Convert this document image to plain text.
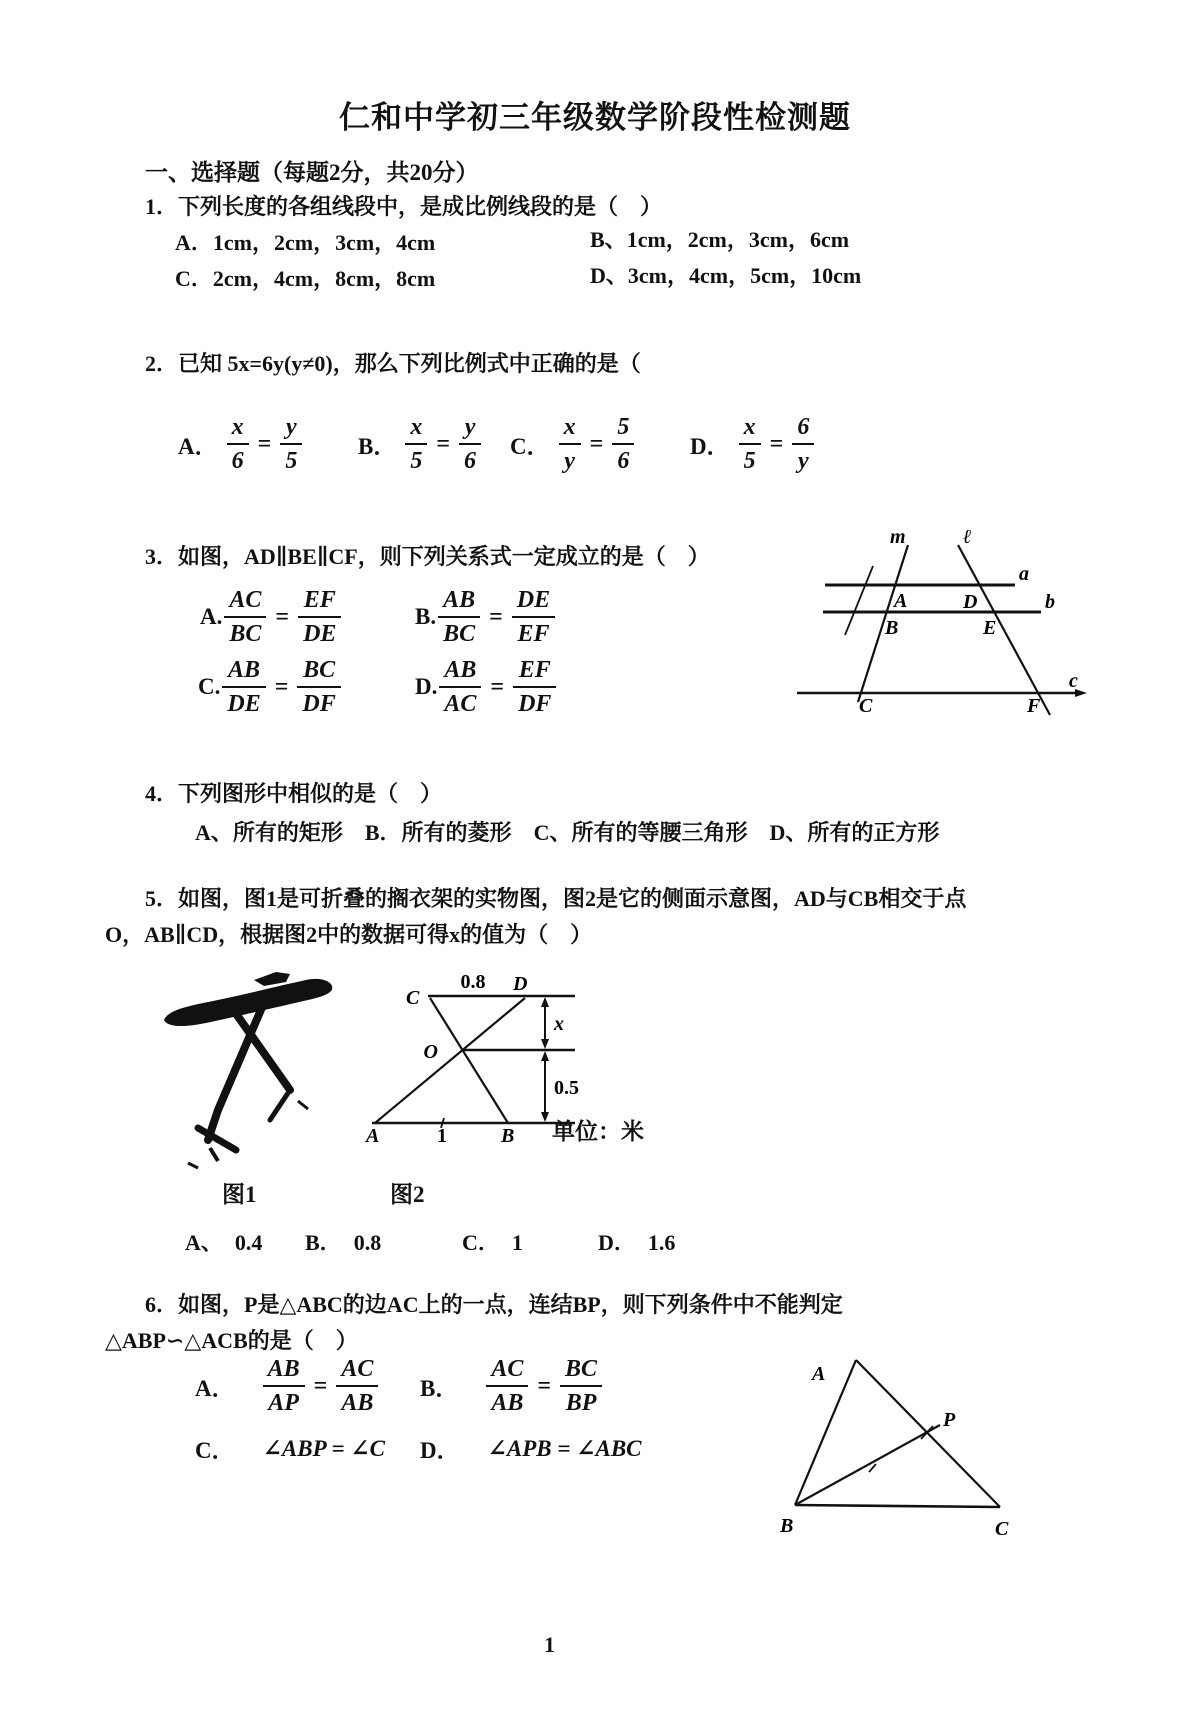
仁和中学初三年级数学阶段性检测题
一、选择题（每题2分，共20分）
1．下列长度的各组线段中，是成比例线段的是（　）
A．1cm，2cm，3cm，4cm	B、1cm，2cm，3cm，6cm
C．2cm，4cm，8cm，8cm	D、3cm，4cm，5cm，10cm
2．已知 5x=6y(y≠0)，那么下列比例式中正确的是（
A． $\frac{x}{6} = \frac{y}{5}$ B． $\frac{x}{5} = \frac{y}{6}$ C． $\frac{x}{y} = \frac{5}{6}$ D． $\frac{x}{5} = \frac{6}{y}$
3．如图，AD∥BE∥CF，则下列关系式一定成立的是（　）
A. $\frac{AC}{BC} = \frac{EF}{DE}$	B. $\frac{AB}{BC} = \frac{DE}{EF}$
C. $\frac{AB}{DE} = \frac{BC}{DF}$	D. $\frac{AB}{AC} = \frac{EF}{DF}$
m	ℓ
a
b
c
A
B
C
D
E
F
4．下列图形中相似的是（　）
A、所有的矩形　B．所有的菱形　C、所有的等腰三角形　D、所有的正方形
5．如图，图1是可折叠的搁衣架的实物图，图2是它的侧面示意图，AD与CB相交于点
O，AB∥CD，根据图2中的数据可得x的值为（　）
C
0.8 D
O
x
0.5
A	1	B 单位：米
图1	图2
A、 0.4 B． 0.8	C． 1	D． 1.6
6．如图，P是△ABC的边AC上的一点，连结BP，则下列条件中不能判定
△ABP∽△ACB的是（　）
A． $\frac{AB}{AP} = \frac{AC}{AB}$ B． $\frac{AC}{AB} = \frac{BC}{BP}$
C． ∠ABP = ∠C D． ∠APB = ∠ABC
A
B	C
P
1
